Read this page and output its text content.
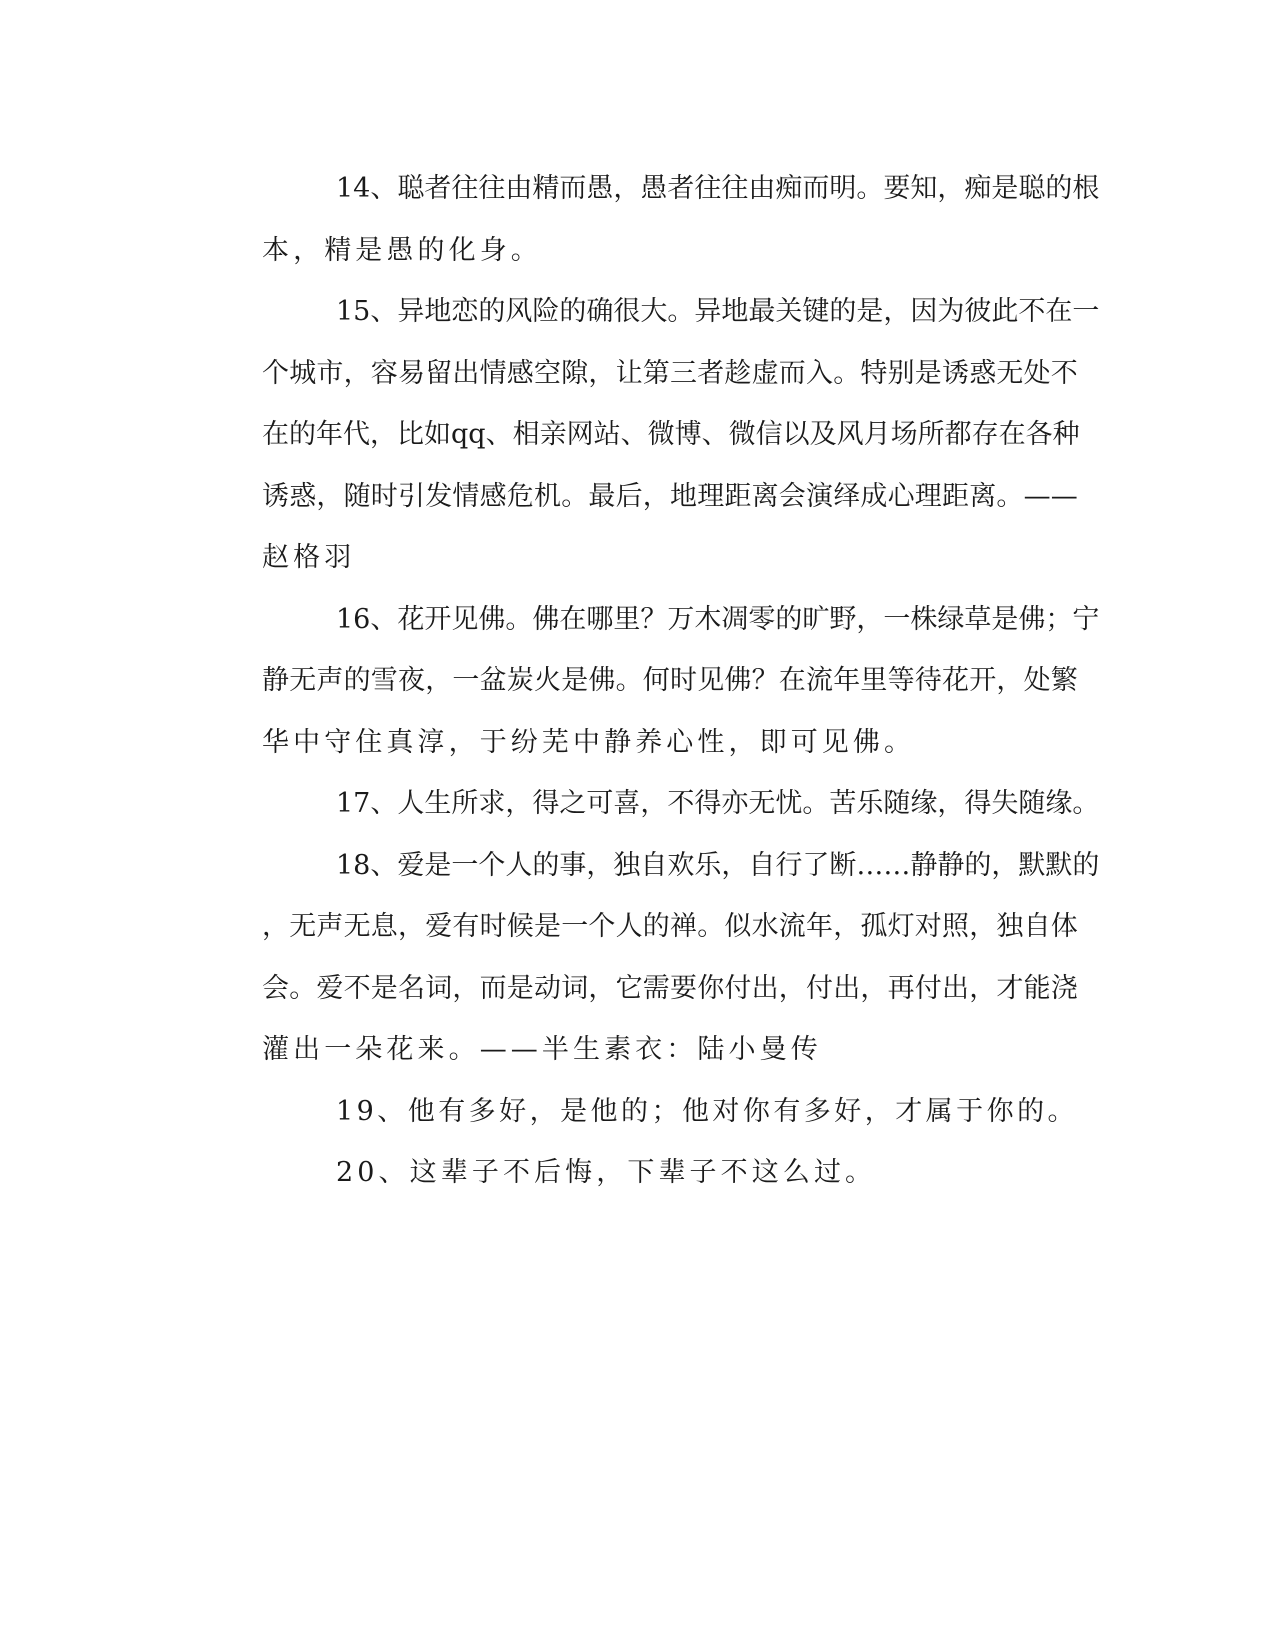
14、聪者往往由精而愚，愚者往往由痴而明。要知，痴是聪的根
本，精是愚的化身。
15、异地恋的风险的确很大。异地最关键的是，因为彼此不在一
个城市，容易留出情感空隙，让第三者趁虚而入。特别是诱惑无处不
在的年代，比如qq、相亲网站、微博、微信以及风月场所都存在各种
诱惑，随时引发情感危机。最后，地理距离会演绎成心理距离。——
赵格羽
16、花开见佛。佛在哪里？万木凋零的旷野，一株绿草是佛；宁
静无声的雪夜，一盆炭火是佛。何时见佛？在流年里等待花开，处繁
华中守住真淳，于纷芜中静养心性，即可见佛。
17、人生所求，得之可喜，不得亦无忧。苦乐随缘，得失随缘。
18、爱是一个人的事，独自欢乐，自行了断……静静的，默默的
，无声无息，爱有时候是一个人的禅。似水流年，孤灯对照，独自体
会。爱不是名词，而是动词，它需要你付出，付出，再付出，才能浇
灌出一朵花来。——半生素衣：陆小曼传
19、他有多好，是他的；他对你有多好，才属于你的。
20、这辈子不后悔，下辈子不这么过。
